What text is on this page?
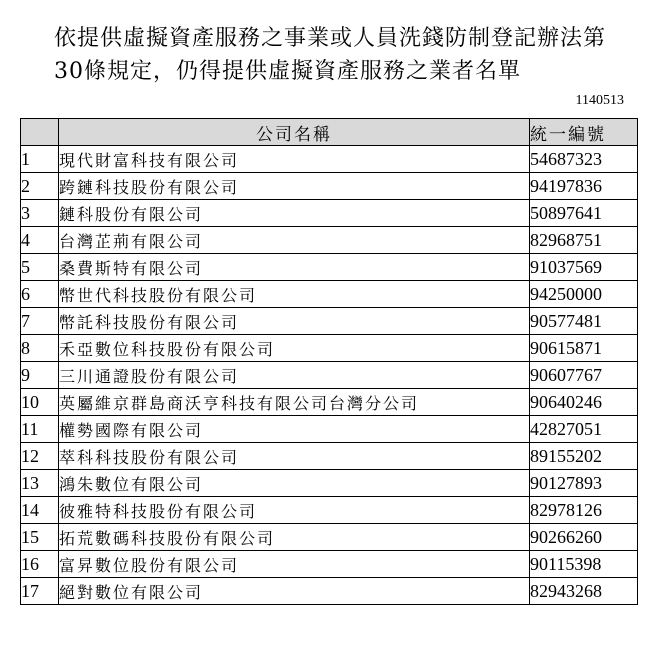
依提供虛擬資產服務之事業或人員洗錢防制登記辦法第
30條規定，仍得提供虛擬資產服務之業者名單
1140513
	公司名稱	統一編號
1	現代財富科技有限公司	54687323
2	跨鏈科技股份有限公司	94197836
3	鏈科股份有限公司	50897641
4	台灣芷荊有限公司	82968751
5	桑費斯特有限公司	91037569
6	幣世代科技股份有限公司	94250000
7	幣託科技股份有限公司	90577481
8	禾亞數位科技股份有限公司	90615871
9	三川通證股份有限公司	90607767
10	英屬維京群島商沃亨科技有限公司台灣分公司	90640246
11	權勢國際有限公司	42827051
12	萃科科技股份有限公司	89155202
13	鴻朱數位有限公司	90127893
14	彼雅特科技股份有限公司	82978126
15	拓荒數碼科技股份有限公司	90266260
16	富昇數位股份有限公司	90115398
17	絕對數位有限公司	82943268
